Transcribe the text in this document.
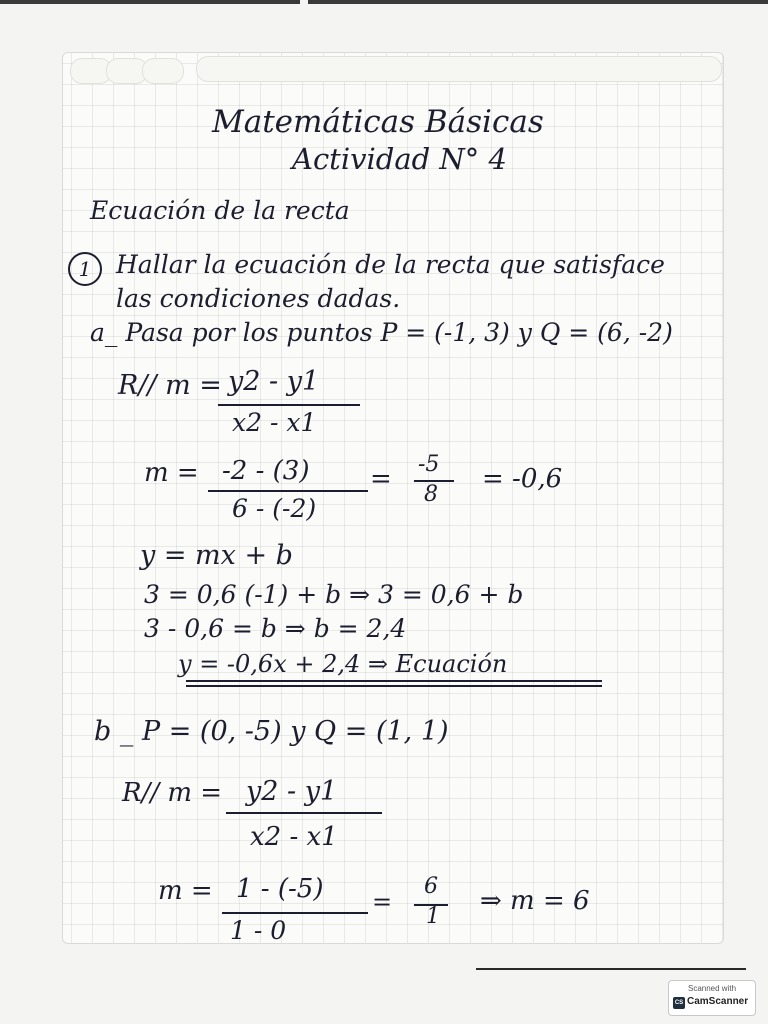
Matemáticas Básicas
Actividad N° 4
Ecuación de la recta
1 Hallar la ecuación de la recta que satisface
las condiciones dadas.
a_ Pasa por los puntos P = (-1, 3) y Q = (6, -2)
R// m = y2 - y1
x2 - x1
m = -2 - (3)
6 - (-2)
= -5
8
= -0,6
y = mx + b
3 = 0,6 (-1) + b ⇒ 3 = 0,6 + b
3 - 0,6 = b ⇒ b = 2,4
y = -0,6x + 2,4 ⇒ Ecuación
b _ P = (0, -5) y Q = (1, 1)
R// m = y2 - y1
x2 - x1
m = 1 - (-5)
1 - 0
=
6
1
⇒ m = 6
Scanned with
CS CamScanner
